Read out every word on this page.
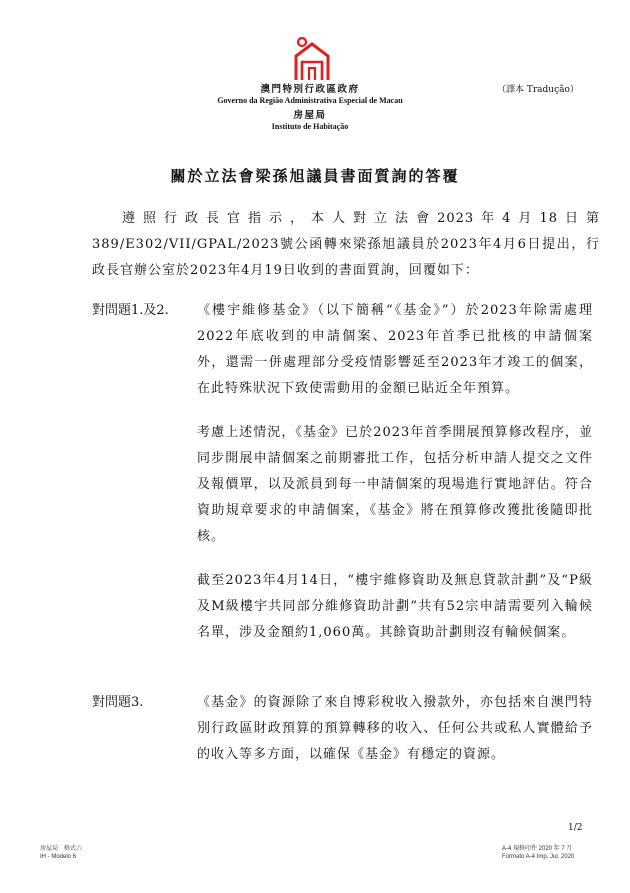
澳門特別行政區政府
Governo da Região Administrativa Especial de Macau
房屋局
Instituto de Habitação
（譯本 Tradução）
關於立法會梁孫旭議員書面質詢的答覆

遵照行政長官指示，本人對立法會2023年4月18日第389/E302/VII/GPAL/2023號公函轉來梁孫旭議員於2023年4月6日提出，行政長官辦公室於2023年4月19日收到的書面質詢，回覆如下：

對問題1.及2. 《樓宇維修基金》（以下簡稱“《基金》”）於2023年除需處理2022年底收到的申請個案、2023年首季已批核的申請個案外，還需一併處理部分受疫情影響延至2023年才竣工的個案，在此特殊狀況下致使需動用的金額已貼近全年預算。

考慮上述情況，《基金》已於2023年首季開展預算修改程序，並同步開展申請個案之前期審批工作，包括分析申請人提交之文件及報價單，以及派員到每一申請個案的現場進行實地評估。符合資助規章要求的申請個案，《基金》將在預算修改獲批後隨即批核。

截至2023年4月14日，“樓宇維修資助及無息貸款計劃”及“P級及M級樓宇共同部分維修資助計劃”共有52宗申請需要列入輪候名單，涉及金額約1,060萬。其餘資助計劃則沒有輪候個案。

對問題3.	《基金》的資源除了來自博彩稅收入撥款外，亦包括來自澳門特別行政區財政預算的預算轉移的收入、任何公共或私人實體給予的收入等多方面，以確保《基金》有穩定的資源。

1/2
房屋局　格式六
IH - Modelo 6
A-4 規格印件 2020 年 7 月
Formato A-4 Imp. Jul. 2020
